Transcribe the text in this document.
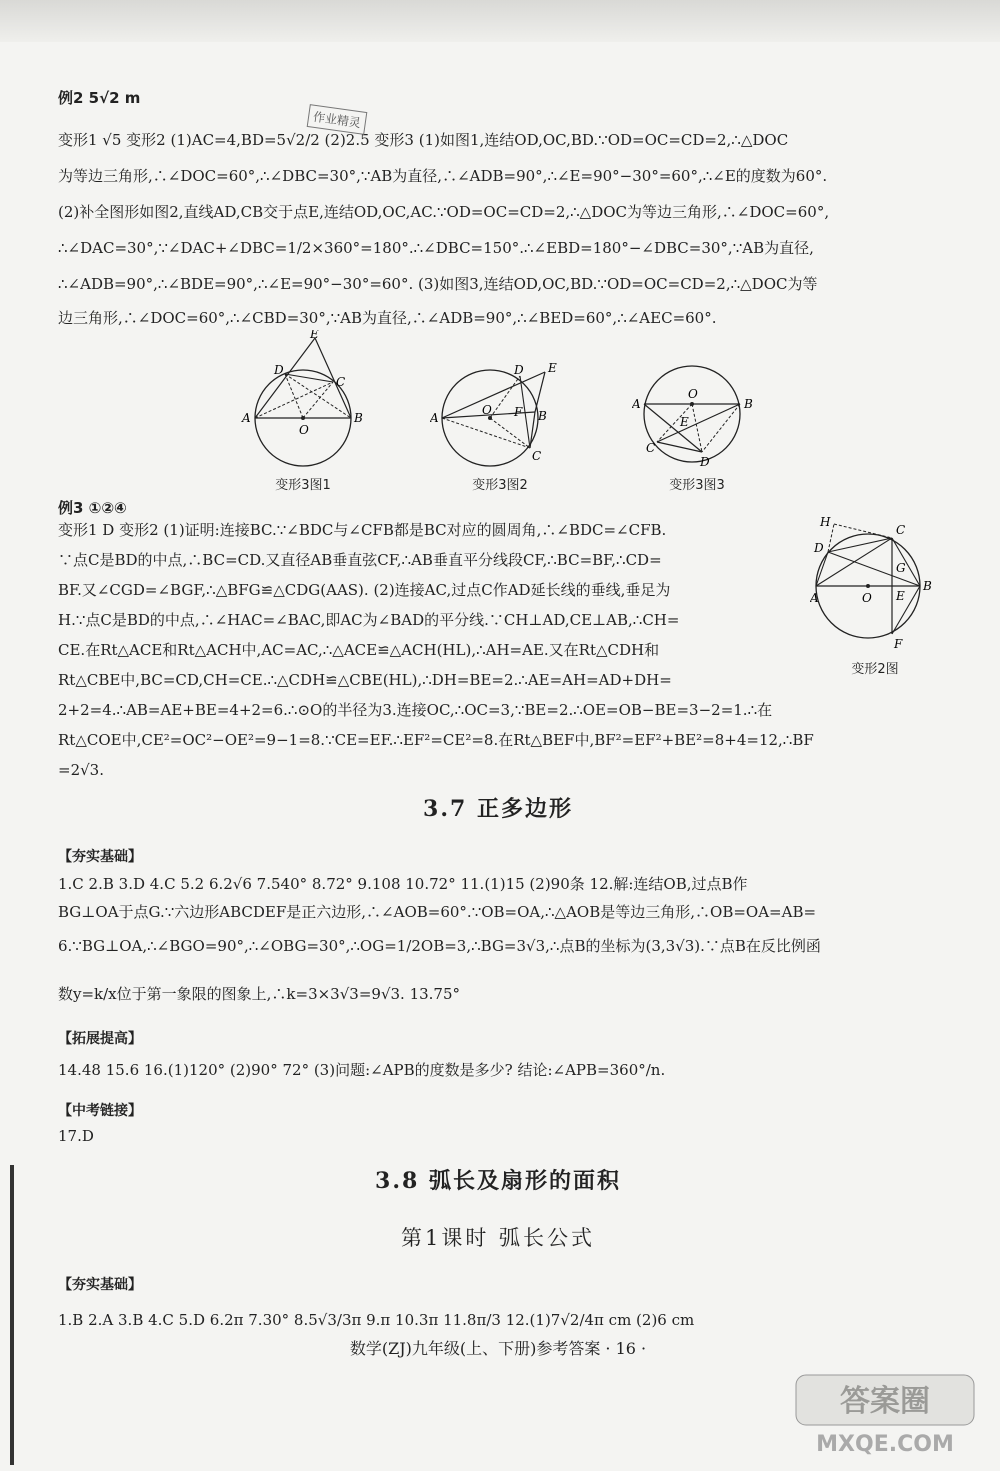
例2 5√2 m

变形1 √5 变形2 (1)AC=4,BD=5√2/2 (2)2.5 变形3 (1)如图1,连结OD,OC,BD.∵OD=OC=CD=2,∴△DOC

为等边三角形,∴∠DOC=60°,∴∠DBC=30°,∵AB为直径,∴∠ADB=90°,∴∠E=90°−30°=60°,∴∠E的度数为60°.

(2)补全图形如图2,直线AD,CB交于点E,连结OD,OC,AC.∵OD=OC=CD=2,∴△DOC为等边三角形,∴∠DOC=60°,

∴∠DAC=30°,∵∠DAC+∠DBC=1/2×360°=180°.∴∠DBC=150°.∴∠EBD=180°−∠DBC=30°,∵AB为直径,

∴∠ADB=90°,∴∠BDE=90°,∴∠E=90°−30°=60°. (3)如图3,连结OD,OC,BD.∵OD=OC=CD=2,∴△DOC为等

边三角形,∴∠DOC=60°,∴∠CBD=30°,∵AB为直径,∴∠ADB=90°,∴∠BED=60°,∴∠AEC=60°.

作业精灵
E
D
C
A
O
B
变形3图1
D E
A
O F B
C
变形3图2
A
O
B
E
C
D
变形3图3

例3 ①②④

变形1 D 变形2 (1)证明:连接BC.∵∠BDC与∠CFB都是BC对应的圆周角,∴∠BDC=∠CFB.

∵点C是BD的中点,∴BC=CD.又直径AB垂直弦CF,∴AB垂直平分线段CF,∴BC=BF,∴CD=

BF.又∠CGD=∠BGF,∴△BFG≌△CDG(AAS). (2)连接AC,过点C作AD延长线的垂线,垂足为

H.∵点C是BD的中点,∴∠HAC=∠BAC,即AC为∠BAD的平分线.∵CH⊥AD,CE⊥AB,∴CH=

CE.在Rt△ACE和Rt△ACH中,AC=AC,∴△ACE≌△ACH(HL),∴AH=AE.又在Rt△CDH和

Rt△CBE中,BC=CD,CH=CE.∴△CDH≌△CBE(HL),∴DH=BE=2.∴AE=AH=AD+DH=

2+2=4.∴AB=AE+BE=4+2=6.∴⊙O的半径为3.连接OC,∴OC=3,∵BE=2.∴OE=OB−BE=3−2=1.∴在

Rt△COE中,CE²=OC²−OE²=9−1=8.∵CE=EF.∴EF²=CE²=8.在Rt△BEF中,BF²=EF²+BE²=8+4=12,∴BF

=2√3.

H
C
D
G
A	O E
B
F
变形2图
3.7 正多边形
【夯实基础】

1.C 2.B 3.D 4.C 5.2 6.2√6 7.540° 8.72° 9.108 10.72° 11.(1)15 (2)90条 12.解:连结OB,过点B作

BG⊥OA于点G.∵六边形ABCDEF是正六边形,∴∠AOB=60°.∵OB=OA,∴△AOB是等边三角形,∴OB=OA=AB=

6.∵BG⊥OA,∴∠BGO=90°,∴∠OBG=30°,∴OG=1/2OB=3,∴BG=3√3,∴点B的坐标为(3,3√3).∵点B在反比例函

数y=k/x位于第一象限的图象上,∴k=3×3√3=9√3. 13.75°

【拓展提高】

14.48 15.6 16.(1)120° (2)90° 72° (3)问题:∠APB的度数是多少? 结论:∠APB=360°/n.

【中考链接】

17.D

3.8 弧长及扇形的面积
第1课时 弧长公式
【夯实基础】

1.B 2.A 3.B 4.C 5.D 6.2π 7.30° 8.5√3/3π 9.π 10.3π 11.8π/3 12.(1)7√2/4π cm (2)6 cm

数学(ZJ)九年级(上、下册)参考答案 · 16 ·
答案圈
MXQE.COM
